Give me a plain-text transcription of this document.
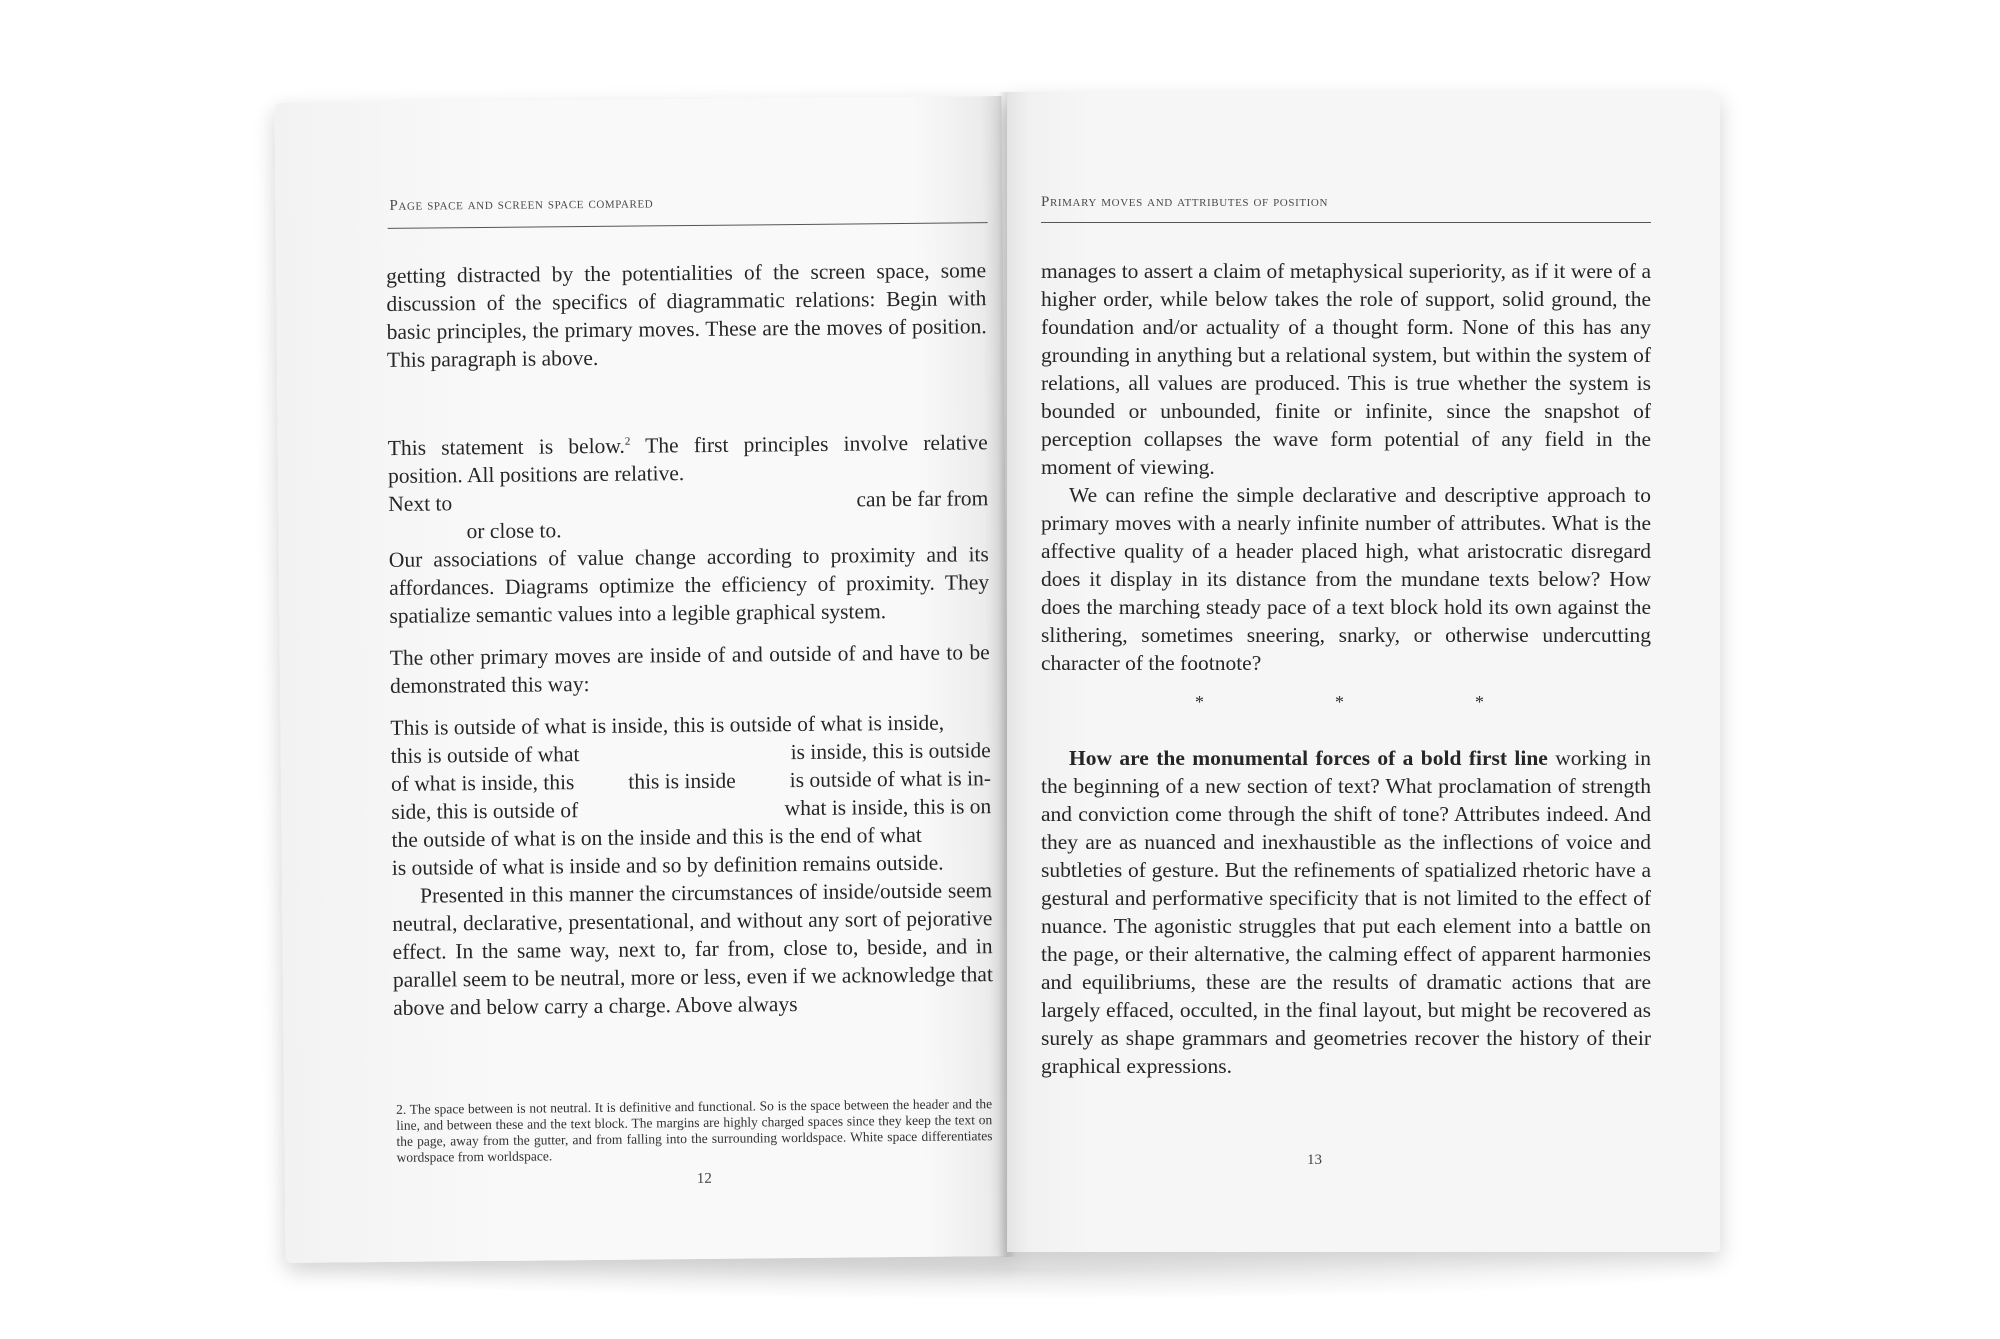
Page space and screen space compared

getting distracted by the potentialities of the screen space, some discussion of the specifics of diagrammatic relations: Begin with basic principles, the primary moves. These are the moves of position. This paragraph is above.

This statement is below.$^2$ The first principles involve relative position. All positions are relative.

Next to	can be far from
or close to.

Our associations of value change according to proximity and its affordances. Diagrams optimize the efficiency of proximity. They spatialize semantic values into a legible graphical system.

The other primary moves are inside of and outside of and have to be demonstrated this way:

This is outside of what is inside, this is outside of what is inside,
this is outside of what	is inside, this is outside
of what is inside, this this is inside is outside of what is in-
side, this is outside of	what is inside, this is on
the outside of what is on the inside and this is the end of what
is outside of what is inside and so by definition remains outside.

Presented in this manner the circumstances of inside/outside seem neutral, declarative, presentational, and without any sort of pejorative effect. In the same way, next to, far from, close to, beside, and in parallel seem to be neutral, more or less, even if we acknowledge that above and below carry a charge. Above always

2. The space between is not neutral. It is definitive and functional. So is the space between the header and the line, and between these and the text block. The margins are highly charged spaces since they keep the text on the page, away from the gutter, and from falling into the surrounding worldspace. White space differentiates wordspace from worldspace.
12
Primary moves and attributes of position

manages to assert a claim of metaphysical superiority, as if it were of a higher order, while below takes the role of support, solid ground, the foundation and/or actuality of a thought form. None of this has any grounding in anything but a relational system, but within the system of relations, all values are produced. This is true whether the system is bounded or unbounded, finite or infinite, since the snapshot of perception collapses the wave form potential of any field in the moment of viewing.

We can refine the simple declarative and descriptive approach to primary moves with a nearly infinite number of attributes. What is the affective quality of a header placed high, what aristocratic disregard does it display in its distance from the mundane texts below? How does the marching steady pace of a text block hold its own against the slithering, sometimes sneering, snarky, or otherwise undercutting character of the footnote?

*	*	*

How are the monumental forces of a bold first line working in the beginning of a new section of text? What proclamation of strength and conviction come through the shift of tone? Attributes indeed. And they are as nuanced and inexhaustible as the inflections of voice and subtleties of gesture. But the refinements of spatialized rhetoric have a gestural and performative specificity that is not limited to the effect of nuance. The agonistic struggles that put each element into a battle on the page, or their alternative, the calming effect of apparent harmonies and equilibriums, these are the results of dramatic actions that are largely effaced, occulted, in the final layout, but might be recovered as surely as shape grammars and geometries recover the history of their graphical expressions.

13
